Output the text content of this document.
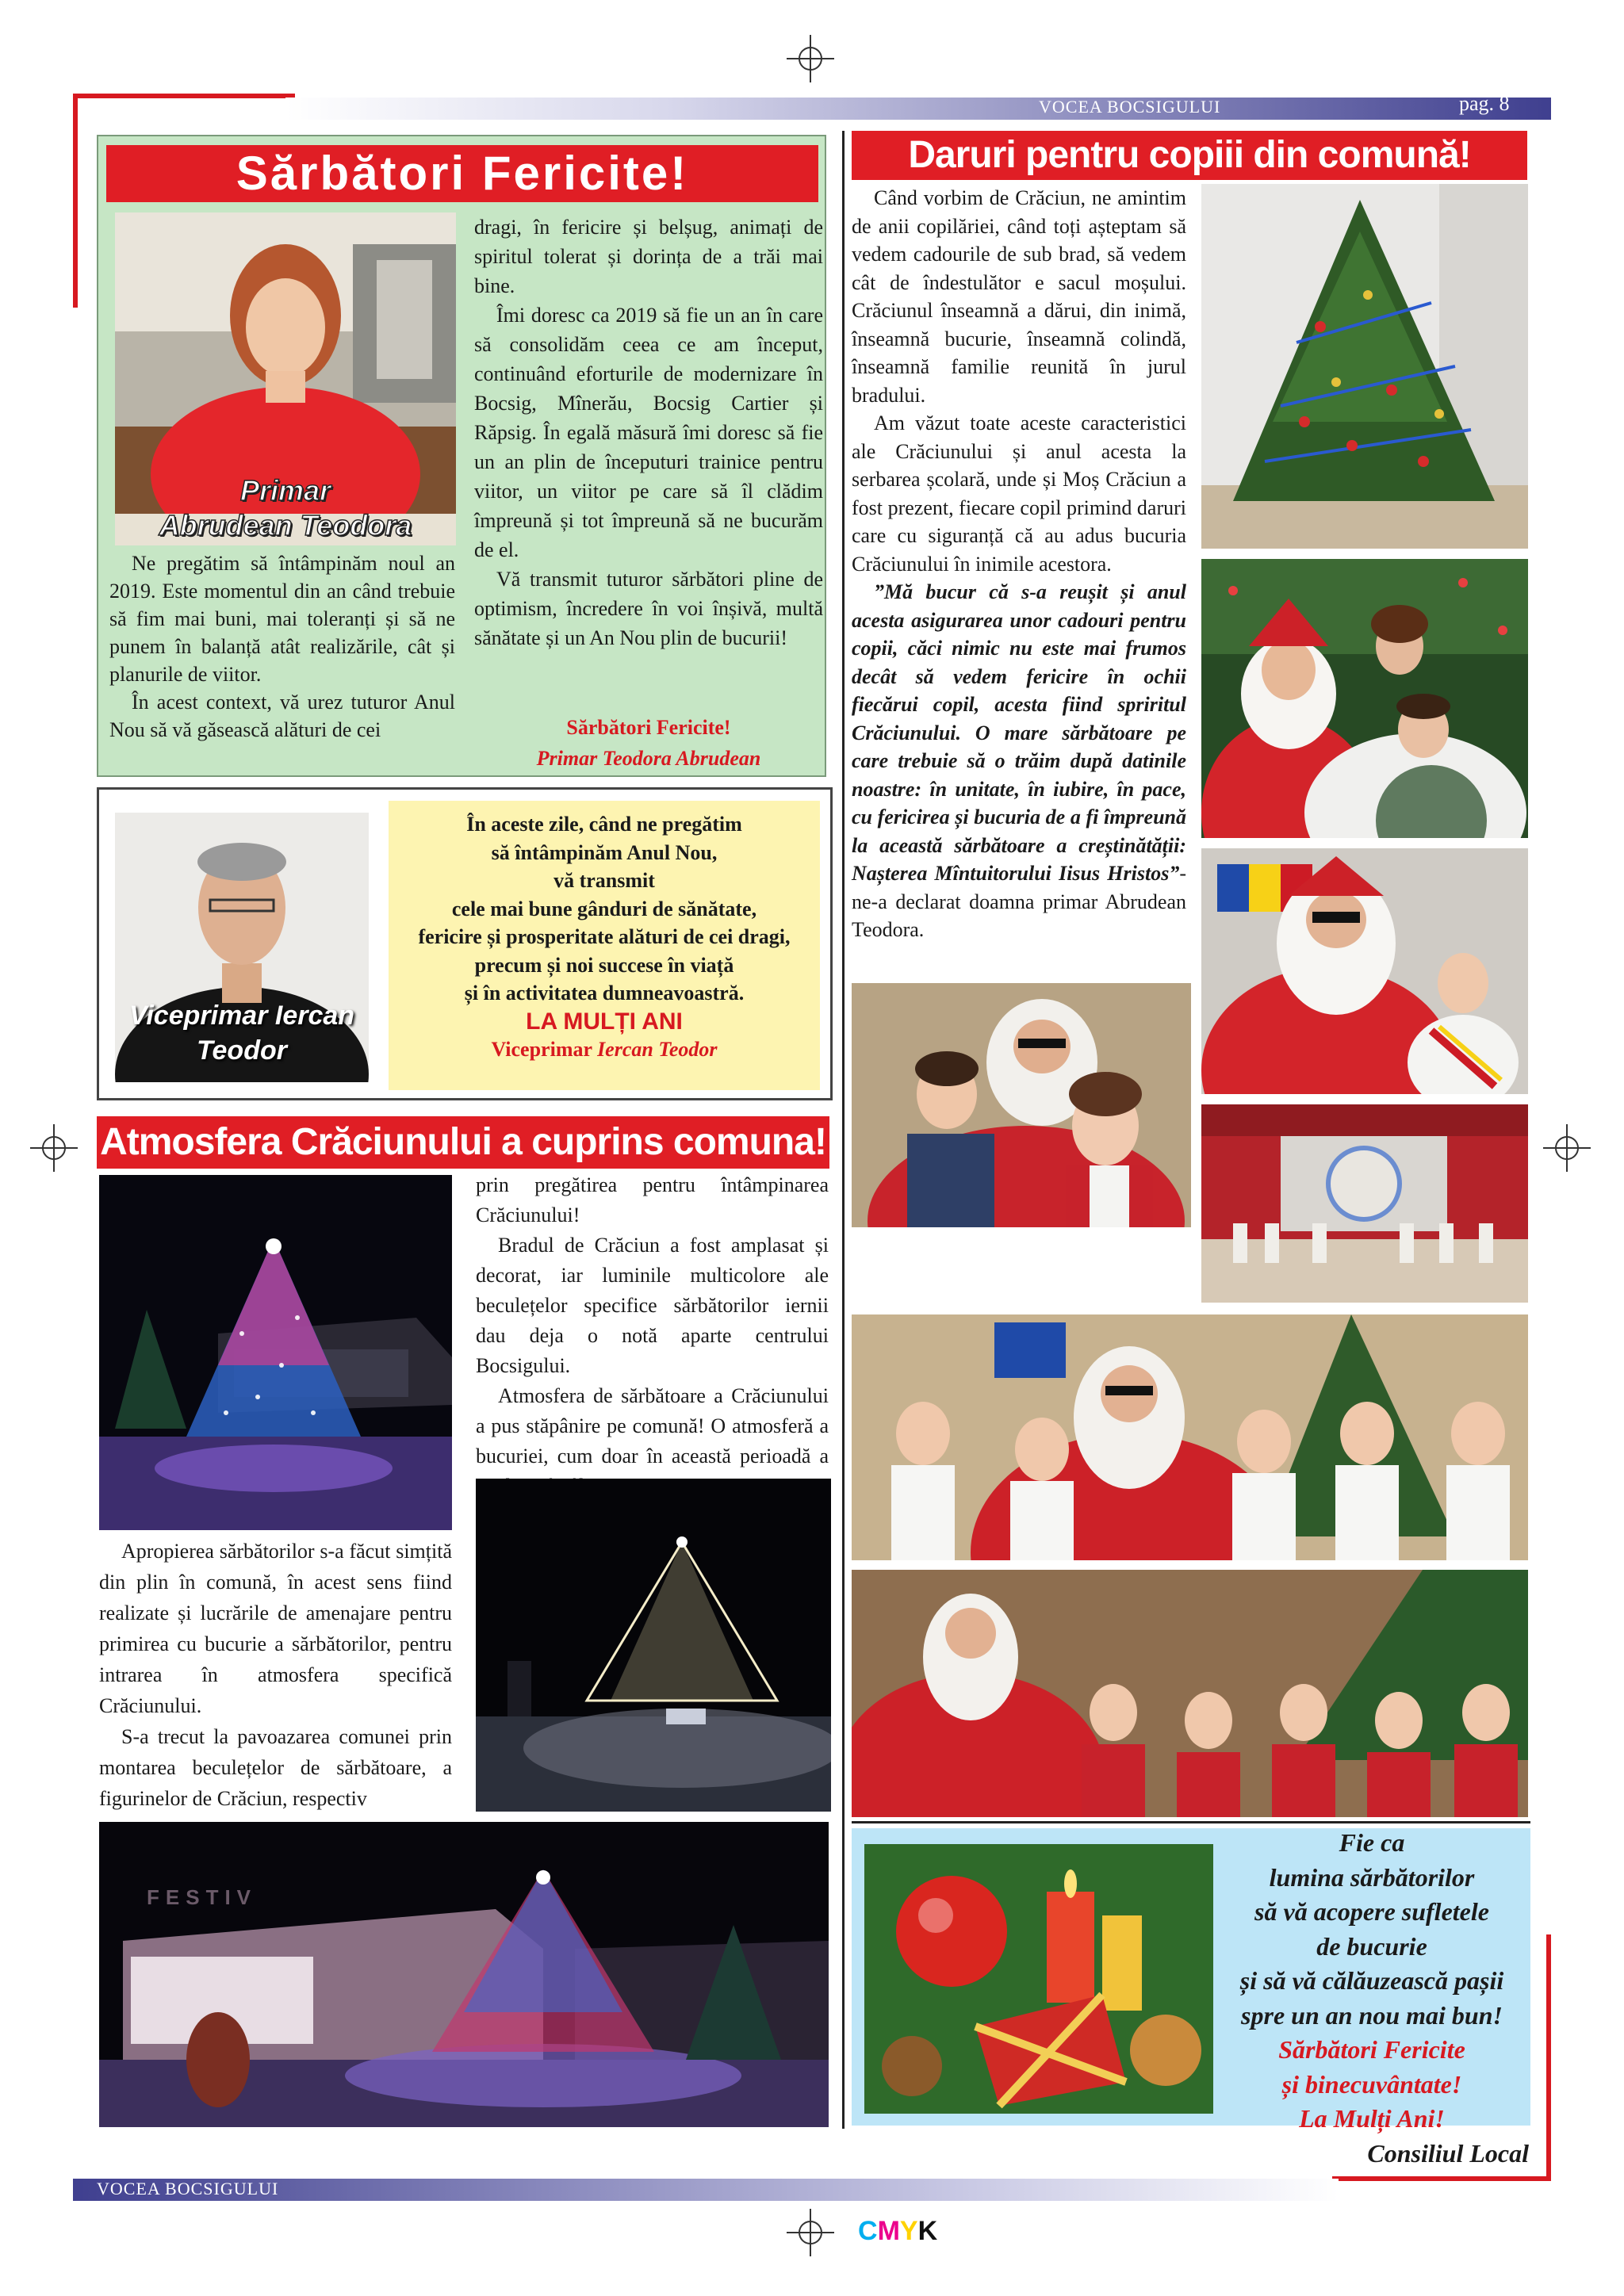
VOCEA BOCSIGULUI	pag. 8
Sărbători Fericite!
Primar
Abrudean Teodora

Ne pregătim să întâmpinăm noul an 2019. Este momentul din an când trebuie să fim mai buni, mai toleranți și să ne punem în balanță atât realizările, cât și planurile de viitor.

În acest context, vă urez tuturor Anul Nou să vă găsească alături de cei

dragi, în fericire și belșug, animați de spiritul tolerat și dorința de a trăi mai bine.

Îmi doresc ca 2019 să fie un an în care să consolidăm ceea ce am început, continuând eforturile de modernizare în Bocsig, Mînerău, Bocsig Cartier și Răpsig. În egală măsură îmi doresc să fie un an plin de începuturi trainice pentru viitor, un viitor pe care să îl clădim împreună și tot împreună să ne bucurăm de el.

Vă transmit tuturor sărbători pline de optimism, încredere în voi înșivă, multă sănătate și un An Nou plin de bucurii!

Sărbători Fericite!
Primar Teodora Abrudean
Viceprimar Iercan
Teodor
În aceste zile, când ne pregătim
să întâmpinăm Anul Nou,
vă transmit
cele mai bune gânduri de sănătate,
fericire și prosperitate alături de cei dragi,
precum și noi succese în viață
și în activitatea dumneavoastră.
LA MULȚI ANI
Viceprimar Iercan Teodor
Atmosfera Crăciunului a cuprins comuna!

Apropierea sărbătorilor s-a făcut simțită din plin în comună, în acest sens fiind realizate și lucrările de amenajare pentru primirea cu bucurie a sărbătorilor, pentru intrarea în atmosfera specifică Crăciunului.

S-a trecut la pavoazarea comunei prin montarea beculețelor de sărbătoare, a figurinelor de Crăciun, respectiv

prin pregătirea pentru întâmpinarea Crăciunului!

Bradul de Crăciun a fost amplasat și decorat, iar luminile multicolore ale beculețelor specifice sărbătorilor iernii dau deja o notă aparte centrului Bocsigului.

Atmosfera de sărbătoare a Crăciunului a pus stăpânire pe comună! O atmosferă a bucuriei, cum doar în această perioadă a

FESTIV
Daruri pentru copiii din comună!

Când vorbim de Crăciun, ne amintim de anii copilăriei, când toți așteptam să vedem cadourile de sub brad, să vedem cât de îndestulător e sacul moșului. Crăciunul înseamnă a dărui, din inimă, înseamnă bucurie, înseamnă colindă, înseamnă familie reunită în jurul bradului.

Am văzut toate aceste caracteristici ale Crăciunului și anul acesta la serbarea școlară, unde și Moș Crăciun a fost prezent, fiecare copil primind daruri care cu siguranță că au adus bucuria Crăciunului în inimile acestora.

”Mă bucur că s-a reușit și anul acesta asigurarea unor cadouri pentru copii, căci nimic nu este mai frumos decât să vedem fericire în ochii fiecărui copil, acesta fiind spriritul Crăciunului. O mare sărbătoare pe care trebuie să o trăim după datinile noastre: în unitate, în iubire, în pace, cu fericirea și bucuria de a fi împreună la această sărbătoare a creștinătății: Nașterea Mîntuitorului Iisus Hristos”- ne-a declarat doamna primar Abrudean Teodora.

Fie ca
lumina sărbătorilor
să vă acopere sufletele
de bucurie
și să vă călăuzească pașii
spre un an nou mai bun!
Sărbători Fericite
și binecuvântate!
La Mulți Ani!
Consiliul Local
VOCEA BOCSIGULUI
CMYK
